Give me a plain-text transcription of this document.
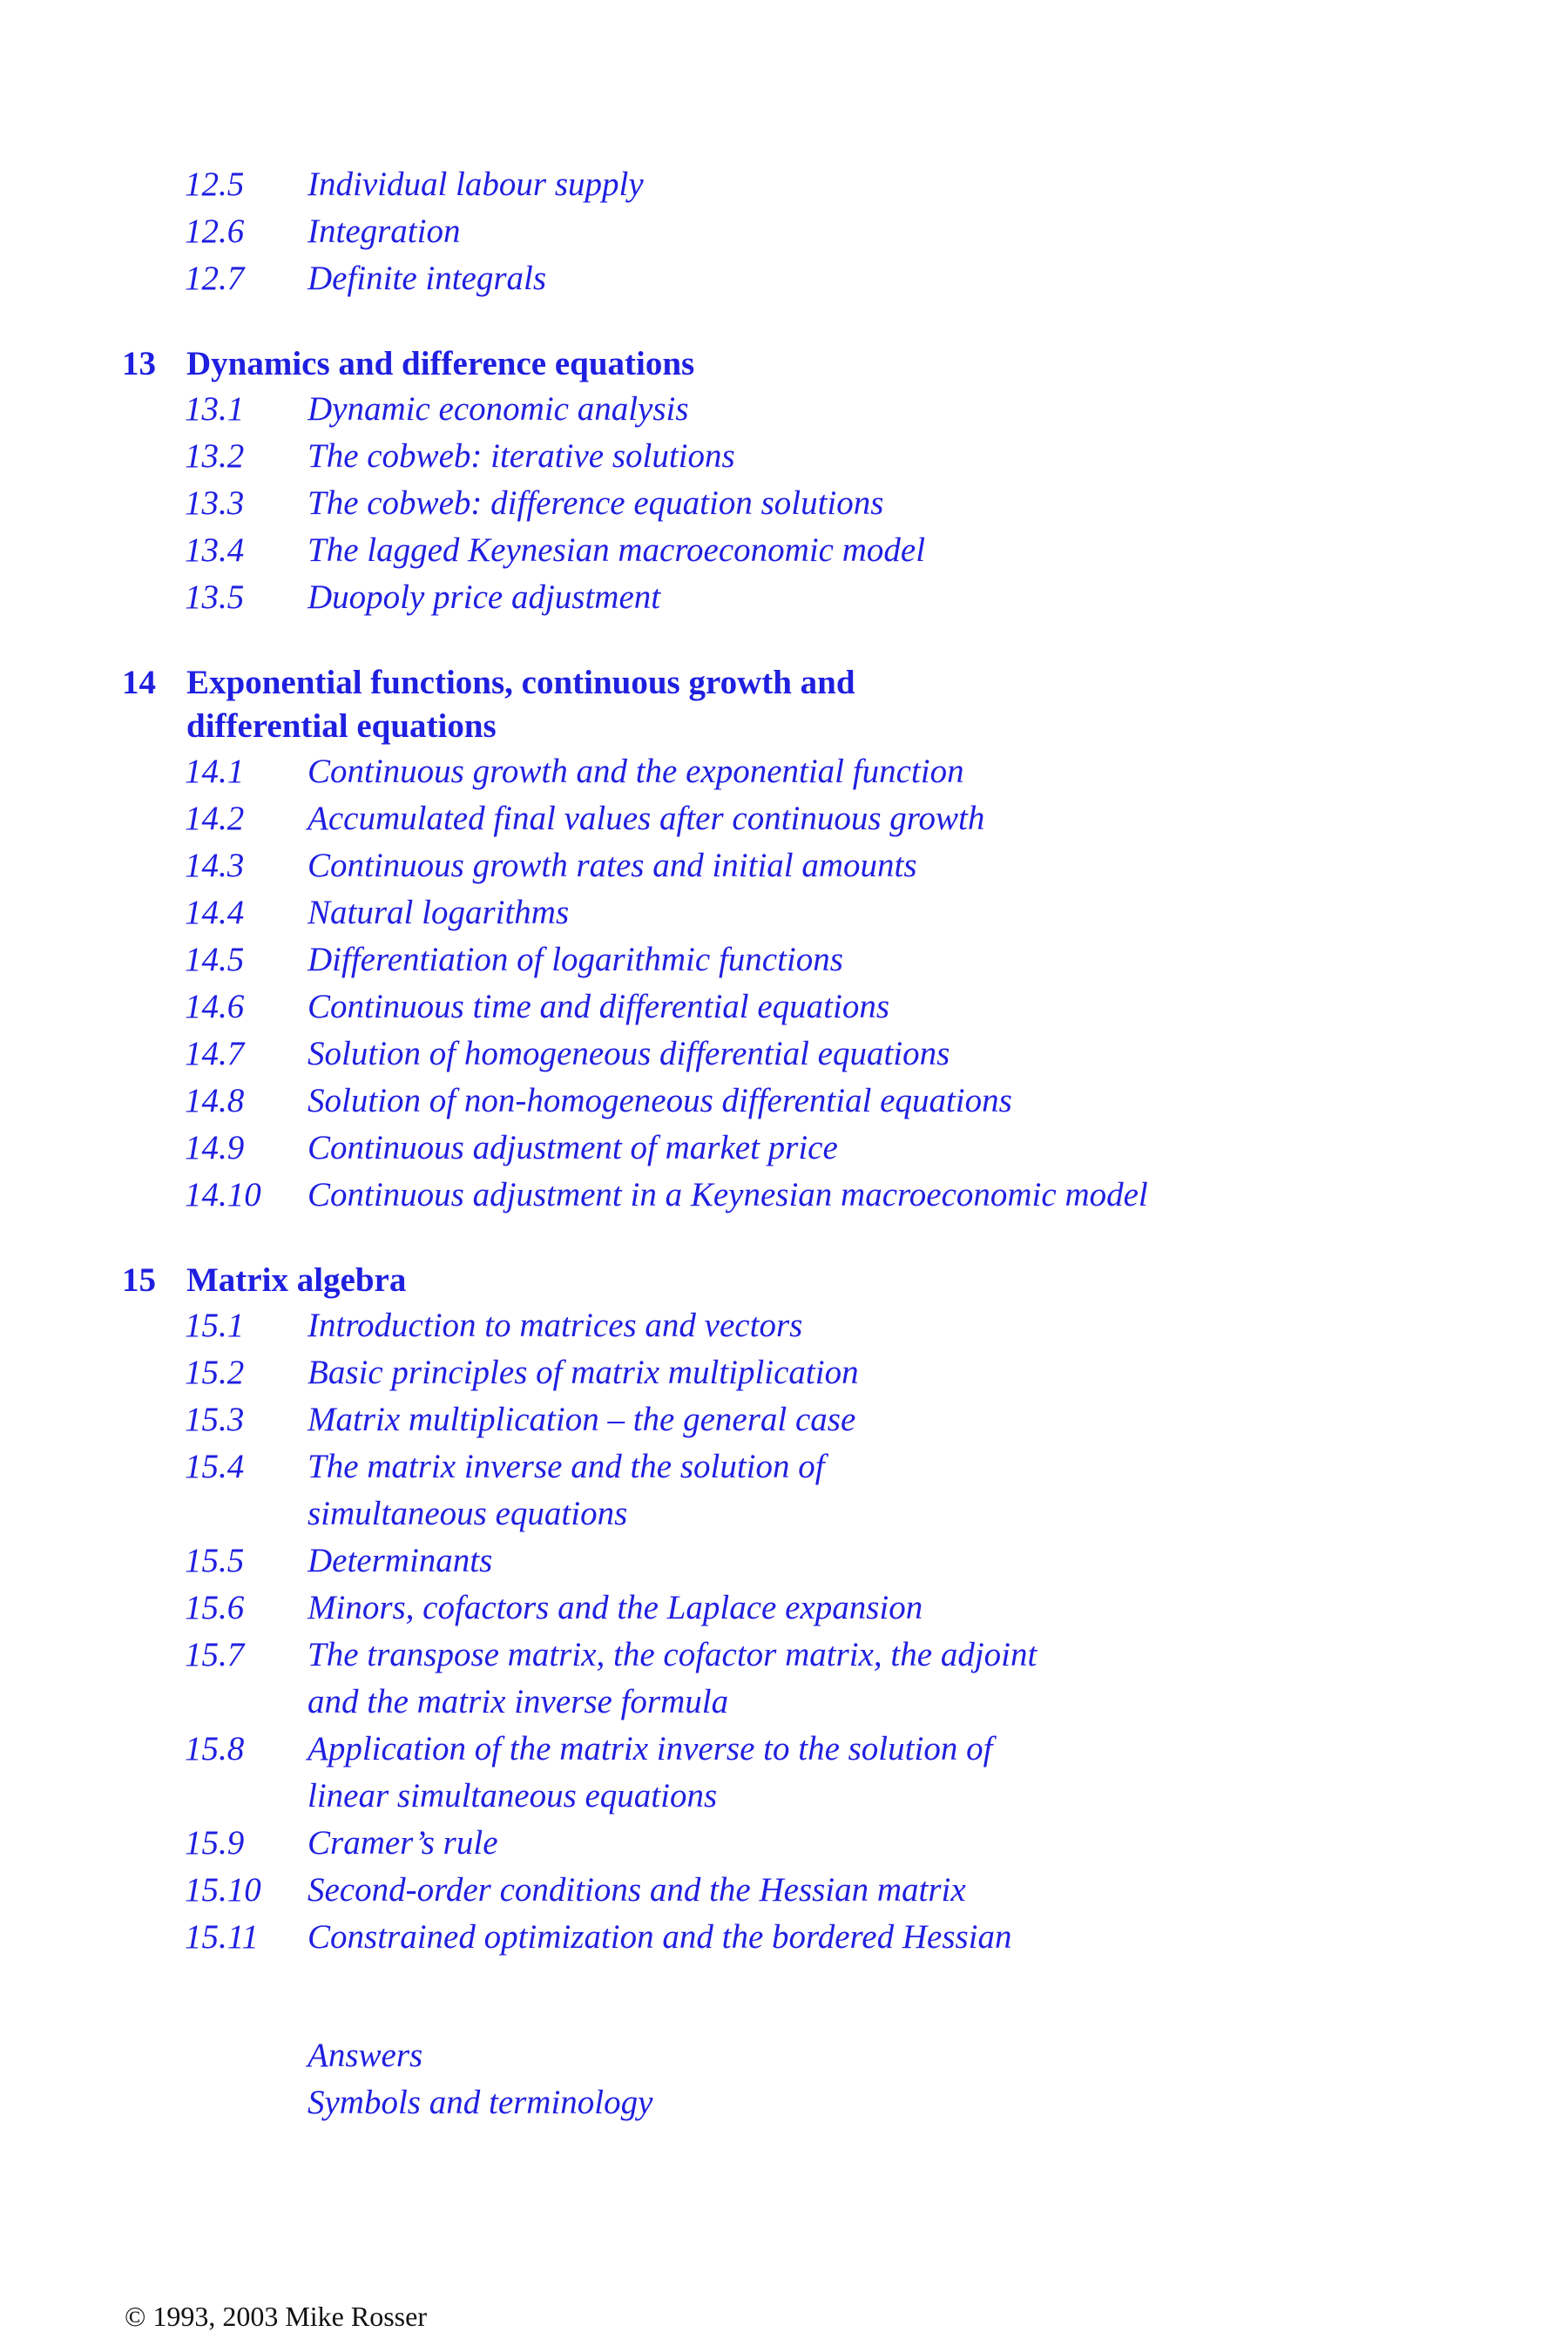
12.5 Individual labour supply
12.6 Integration
12.7 Definite integrals
13 Dynamics and difference equations
13.1 Dynamic economic analysis
13.2 The cobweb: iterative solutions
13.3 The cobweb: difference equation solutions
13.4 The lagged Keynesian macroeconomic model
13.5 Duopoly price adjustment
14 Exponential functions, continuous growth and
differential equations
14.1 Continuous growth and the exponential function
14.2 Accumulated final values after continuous growth
14.3 Continuous growth rates and initial amounts
14.4 Natural logarithms
14.5 Differentiation of logarithmic functions
14.6 Continuous time and differential equations
14.7 Solution of homogeneous differential equations
14.8 Solution of non-homogeneous differential equations
14.9 Continuous adjustment of market price
14.10 Continuous adjustment in a Keynesian macroeconomic model
15 Matrix algebra
15.1 Introduction to matrices and vectors
15.2 Basic principles of matrix multiplication
15.3 Matrix multiplication – the general case
15.4 The matrix inverse and the solution of
simultaneous equations
15.5 Determinants
15.6 Minors, cofactors and the Laplace expansion
15.7 The transpose matrix, the cofactor matrix, the adjoint
and the matrix inverse formula
15.8 Application of the matrix inverse to the solution of
linear simultaneous equations
15.9 Cramer’s rule
15.10 Second-order conditions and the Hessian matrix
15.11 Constrained optimization and the bordered Hessian
Answers
Symbols and terminology
© 1993, 2003 Mike Rosser
